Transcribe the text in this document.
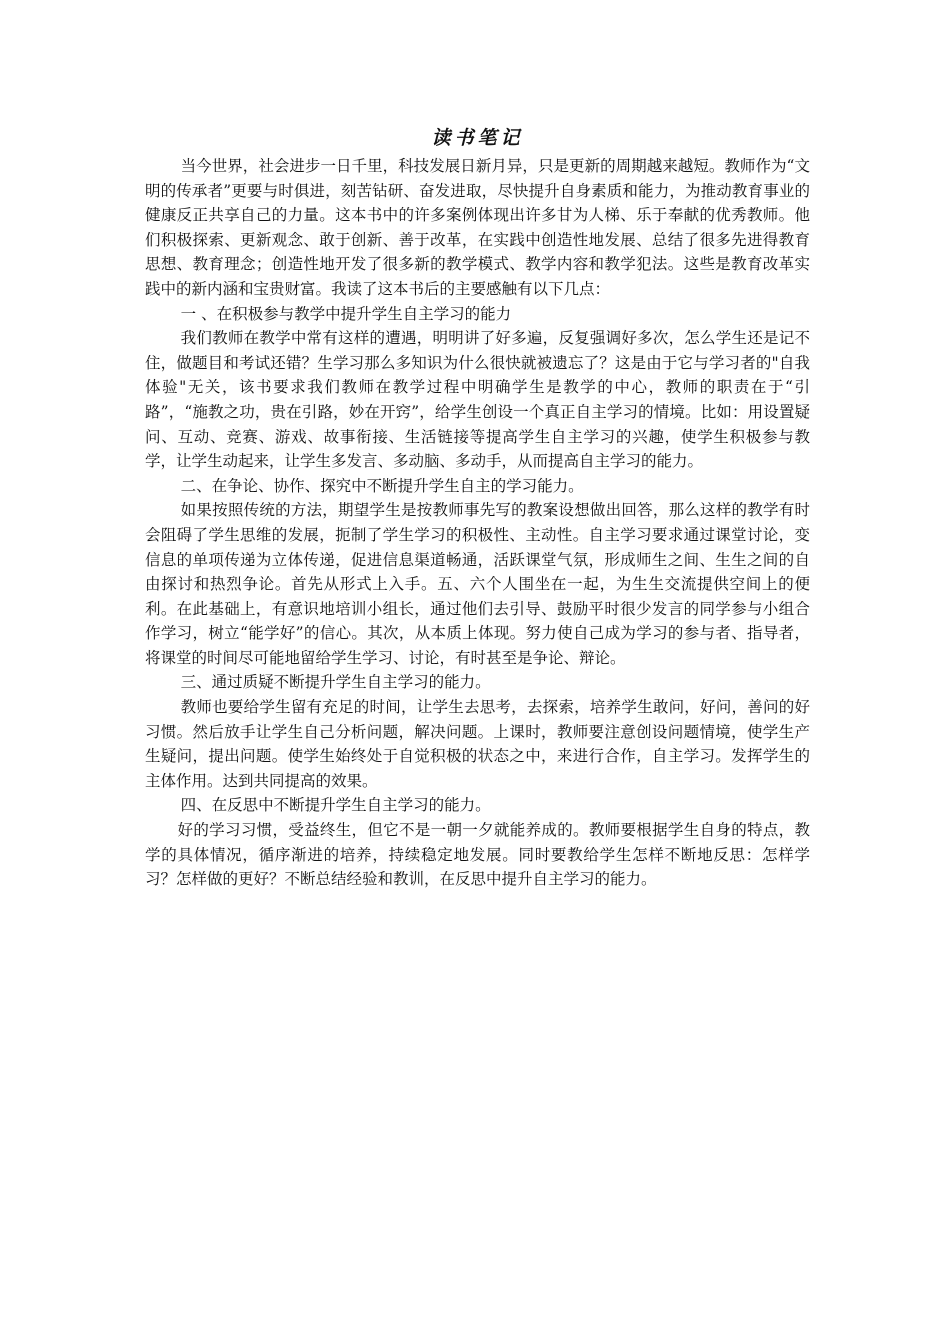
读书笔记

当今世界，社会进步一日千里，科技发展日新月异，只是更新的周期越来越短。教师作为“文明的传承者”更要与时俱进，刻苦钻研、奋发进取，尽快提升自身素质和能力，为推动教育事业的健康反正共享自己的力量。这本书中的许多案例体现出许多甘为人梯、乐于奉献的优秀教师。他们积极探索、更新观念、敢于创新、善于改革，在实践中创造性地发展、总结了很多先进得教育思想、教育理念；创造性地开发了很多新的教学模式、教学内容和教学犯法。这些是教育改革实践中的新内涵和宝贵财富。我读了这本书后的主要感触有以下几点：

一 、在积极参与教学中提升学生自主学习的能力

我们教师在教学中常有这样的遭遇，明明讲了好多遍，反复强调好多次，怎么学生还是记不住，做题目和考试还错？生学习那么多知识为什么很快就被遗忘了？这是由于它与学习者的"自我体验"无关，该书要求我们教师在教学过程中明确学生是教学的中心，教师的职责在于“引路”，“施教之功，贵在引路，妙在开窍”，给学生创设一个真正自主学习的情境。比如：用设置疑问、互动、竞赛、游戏、故事衔接、生活链接等提高学生自主学习的兴趣，使学生积极参与教学，让学生动起来，让学生多发言、多动脑、多动手，从而提高自主学习的能力。

二、在争论、协作、探究中不断提升学生自主的学习能力。

如果按照传统的方法，期望学生是按教师事先写的教案设想做出回答，那么这样的教学有时会阻碍了学生思维的发展，扼制了学生学习的积极性、主动性。自主学习要求通过课堂讨论，变信息的单项传递为立体传递，促进信息渠道畅通，活跃课堂气氛，形成师生之间、生生之间的自由探讨和热烈争论。首先从形式上入手。五、六个人围坐在一起，为生生交流提供空间上的便利。在此基础上，有意识地培训小组长，通过他们去引导、鼓励平时很少发言的同学参与小组合作学习，树立“能学好”的信心。其次，从本质上体现。努力使自己成为学习的参与者、指导者，将课堂的时间尽可能地留给学生学习、讨论，有时甚至是争论、辩论。

三、通过质疑不断提升学生自主学习的能力。

教师也要给学生留有充足的时间，让学生去思考，去探索，培养学生敢问，好问，善问的好习惯。然后放手让学生自己分析问题，解决问题。上课时，教师要注意创设问题情境，使学生产生疑问，提出问题。使学生始终处于自觉积极的状态之中，来进行合作，自主学习。发挥学生的主体作用。达到共同提高的效果。

四、在反思中不断提升学生自主学习的能力。

好的学习习惯，受益终生，但它不是一朝一夕就能养成的。教师要根据学生自身的特点，教学的具体情况，循序渐进的培养，持续稳定地发展。同时要教给学生怎样不断地反思：怎样学习？怎样做的更好？不断总结经验和教训，在反思中提升自主学习的能力。
